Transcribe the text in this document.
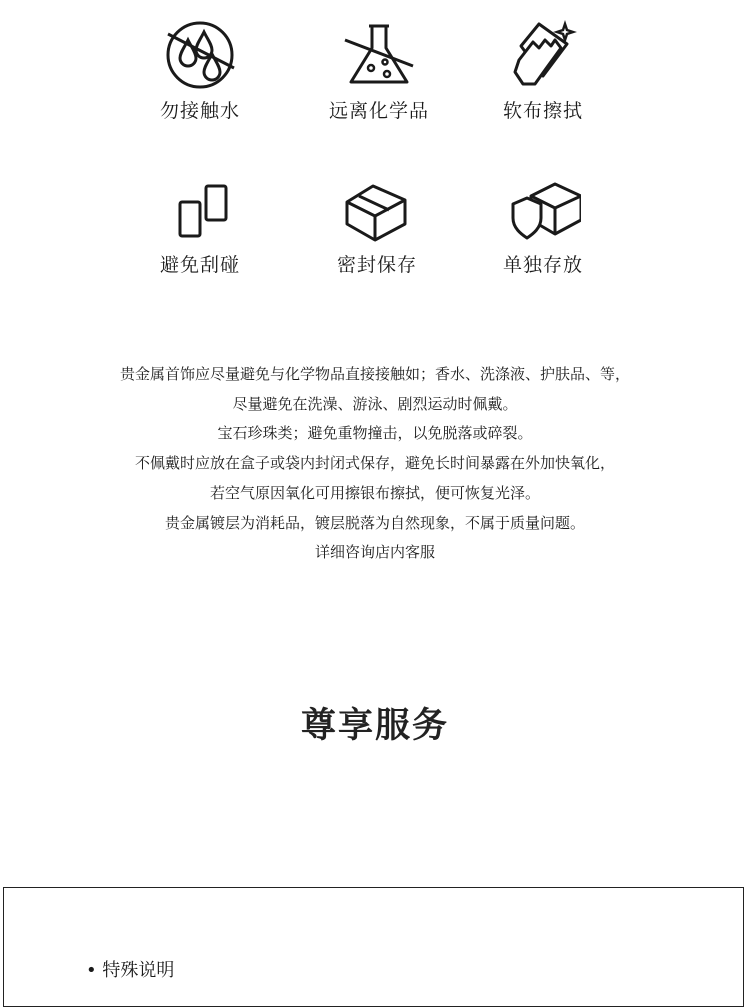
勿接触水	远离化学品	软布擦拭
避免刮碰	密封保存	单独存放
贵金属首饰应尽量避免与化学物品直接接触如；香水、洗涤液、护肤品、等，
尽量避免在洗澡、游泳、剧烈运动时佩戴。
宝石珍珠类；避免重物撞击，以免脱落或碎裂。
不佩戴时应放在盒子或袋内封闭式保存，避免长时间暴露在外加快氧化，
若空气原因氧化可用擦银布擦拭，便可恢复光泽。
贵金属镀层为消耗品，镀层脱落为自然现象，不属于质量问题。
详细咨询店内客服
尊享服务
• 特殊说明
